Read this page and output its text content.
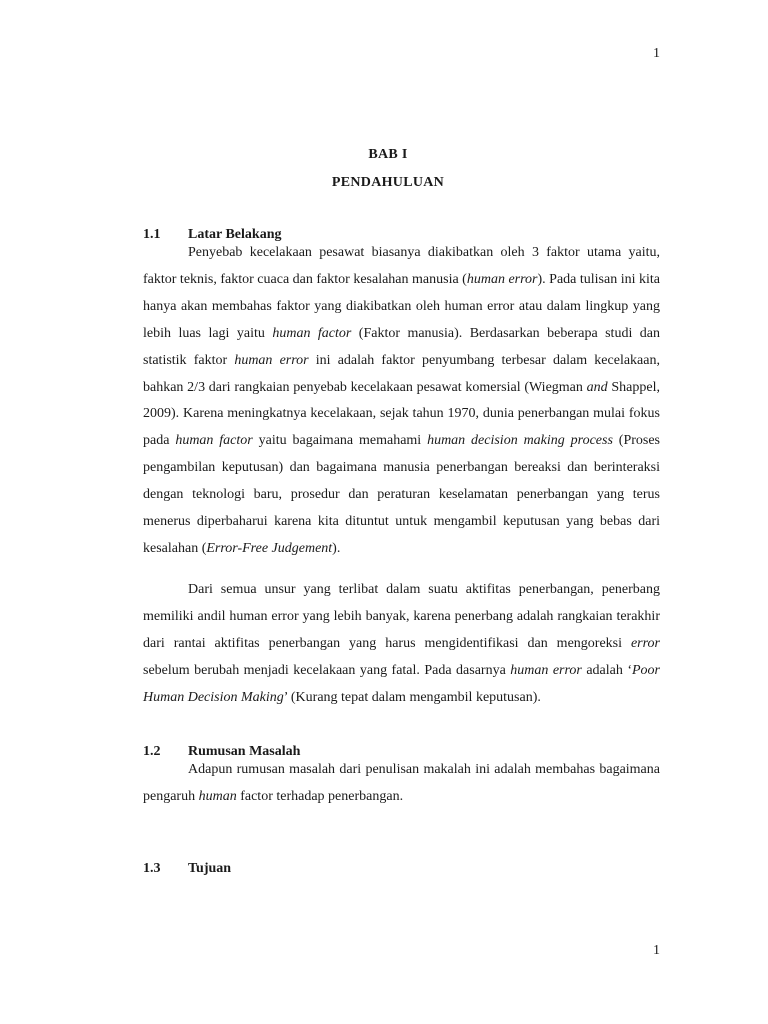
1
BAB I
PENDAHULUAN
1.1 Latar Belakang

Penyebab kecelakaan pesawat biasanya diakibatkan oleh 3 faktor utama yaitu, faktor teknis, faktor cuaca dan faktor kesalahan manusia (human error). Pada tulisan ini kita hanya akan membahas faktor yang diakibatkan oleh human error atau dalam lingkup yang lebih luas lagi yaitu human factor (Faktor manusia). Berdasarkan beberapa studi dan statistik faktor human error ini adalah faktor penyumbang terbesar dalam kecelakaan, bahkan 2/3 dari rangkaian penyebab kecelakaan pesawat komersial (Wiegman and Shappel, 2009). Karena meningkatnya kecelakaan, sejak tahun 1970, dunia penerbangan mulai fokus pada human factor yaitu bagaimana memahami human decision making process (Proses pengambilan keputusan) dan bagaimana manusia penerbangan bereaksi dan berinteraksi dengan teknologi baru, prosedur dan peraturan keselamatan penerbangan yang terus menerus diperbaharui karena kita dituntut untuk mengambil keputusan yang bebas dari kesalahan (Error-Free Judgement).

Dari semua unsur yang terlibat dalam suatu aktifitas penerbangan, penerbang memiliki andil human error yang lebih banyak, karena penerbang adalah rangkaian terakhir dari rantai aktifitas penerbangan yang harus mengidentifikasi dan mengoreksi error sebelum berubah menjadi kecelakaan yang fatal. Pada dasarnya human error adalah ‘Poor Human Decision Making’ (Kurang tepat dalam mengambil keputusan).

1.2 Rumusan Masalah

Adapun rumusan masalah dari penulisan makalah ini adalah membahas bagaimana pengaruh human factor terhadap penerbangan.

1.3 Tujuan
1
